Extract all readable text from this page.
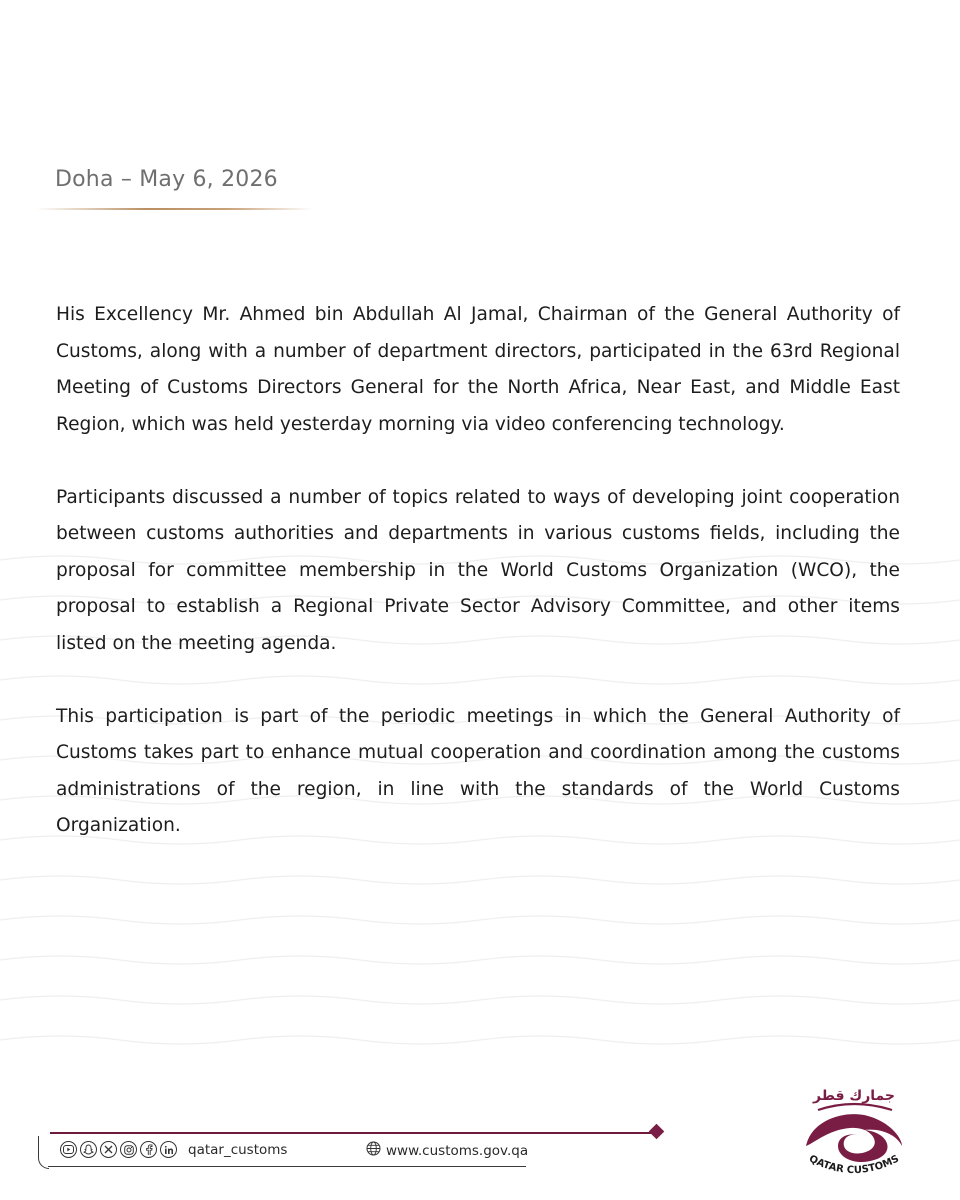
Doha – May 6, 2026

His Excellency Mr. Ahmed bin Abdullah Al Jamal, Chairman of the General Authority of Customs, along with a number of department directors, participated in the 63rd Regional Meeting of Customs Directors General for the North Africa, Near East, and Middle East Region, which was held yesterday morning via video conferencing technology.

Participants discussed a number of topics related to ways of developing joint cooperation between customs authorities and departments in various customs fields, including the proposal for committee membership in the World Customs Organization (WCO), the proposal to establish a Regional Private Sector Advisory Committee, and other items listed on the meeting agenda.

This participation is part of the periodic meetings in which the General Authority of Customs takes part to enhance mutual cooperation and coordination among the customs administrations of the region, in line with the standards of the World Customs Organization.

qatar_customs	www.customs.gov.qa
جمارك قطر
QATAR CUSTOMS
